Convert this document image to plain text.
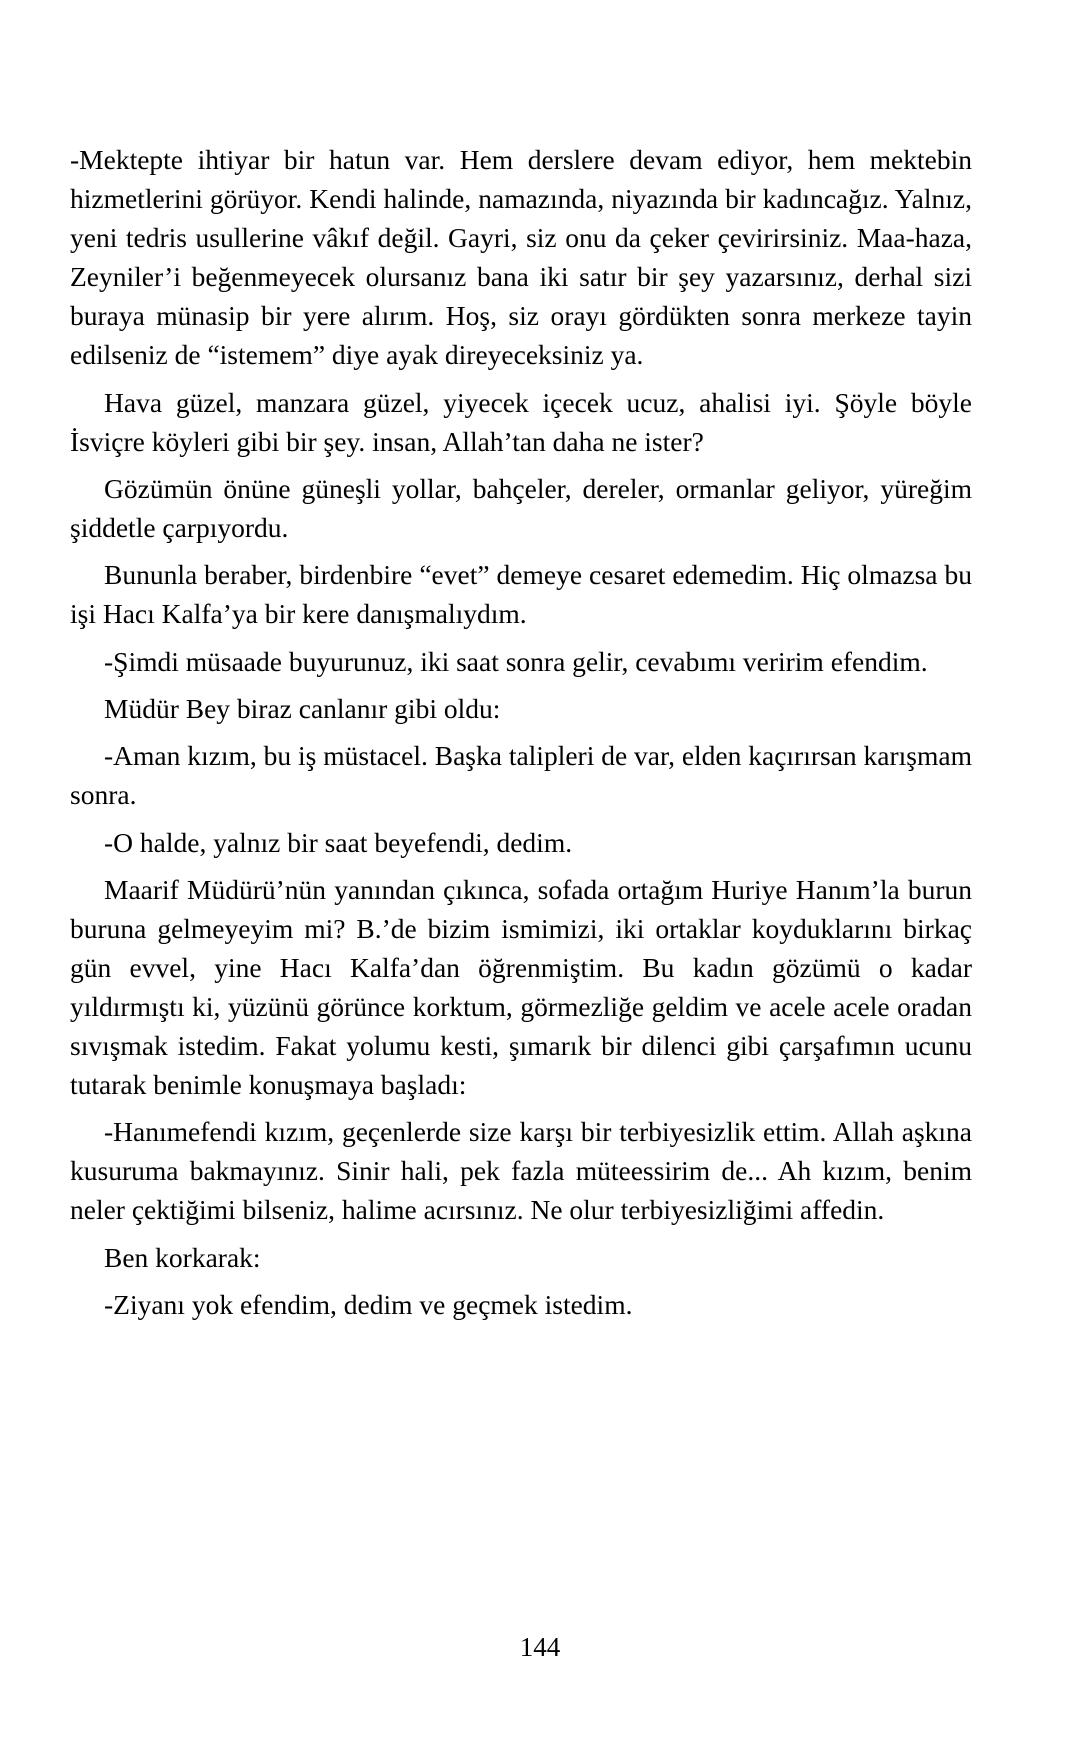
-Mektepte ihtiyar bir hatun var. Hem derslere devam ediyor, hem mektebin hizmetlerini görüyor. Kendi halinde, namazında, niyazında bir kadıncağız. Yalnız, yeni tedris usullerine vâkıf değil. Gayri, siz onu da çeker çevirirsiniz. Maa-haza, Zeyniler’i beğenmeyecek olursanız bana iki satır bir şey yazarsınız, derhal sizi buraya münasip bir yere alırım. Hoş, siz orayı gördükten sonra merkeze tayin edilseniz de “istemem” diye ayak direyeceksiniz ya.

Hava güzel, manzara güzel, yiyecek içecek ucuz, ahalisi iyi. Şöyle böyle İsviçre köyleri gibi bir şey. insan, Allah’tan daha ne ister?

Gözümün önüne güneşli yollar, bahçeler, dereler, ormanlar geliyor, yüreğim şiddetle çarpıyordu.

Bununla beraber, birdenbire “evet” demeye cesaret edemedim. Hiç olmazsa bu işi Hacı Kalfa’ya bir kere danışmalıydım.

-Şimdi müsaade buyurunuz, iki saat sonra gelir, cevabımı veririm efendim.

Müdür Bey biraz canlanır gibi oldu:

-Aman kızım, bu iş müstacel. Başka talipleri de var, elden kaçırırsan karışmam sonra.

-O halde, yalnız bir saat beyefendi, dedim.

Maarif Müdürü’nün yanından çıkınca, sofada ortağım Huriye Hanım’la burun buruna gelmeyeyim mi? B.’de bizim ismimizi, iki ortaklar koyduklarını birkaç gün evvel, yine Hacı Kalfa’dan öğrenmiştim. Bu kadın gözümü o kadar yıldırmıştı ki, yüzünü görünce korktum, görmezliğe geldim ve acele acele oradan sıvışmak istedim. Fakat yolumu kesti, şımarık bir dilenci gibi çarşafımın ucunu tutarak benimle konuşmaya başladı:

-Hanımefendi kızım, geçenlerde size karşı bir terbiyesizlik ettim. Allah aşkına kusuruma bakmayınız. Sinir hali, pek fazla müteessirim de... Ah kızım, benim neler çektiğimi bilseniz, halime acırsınız. Ne olur terbiyesizliğimi affedin.

Ben korkarak:

-Ziyanı yok efendim, dedim ve geçmek istedim.

144
